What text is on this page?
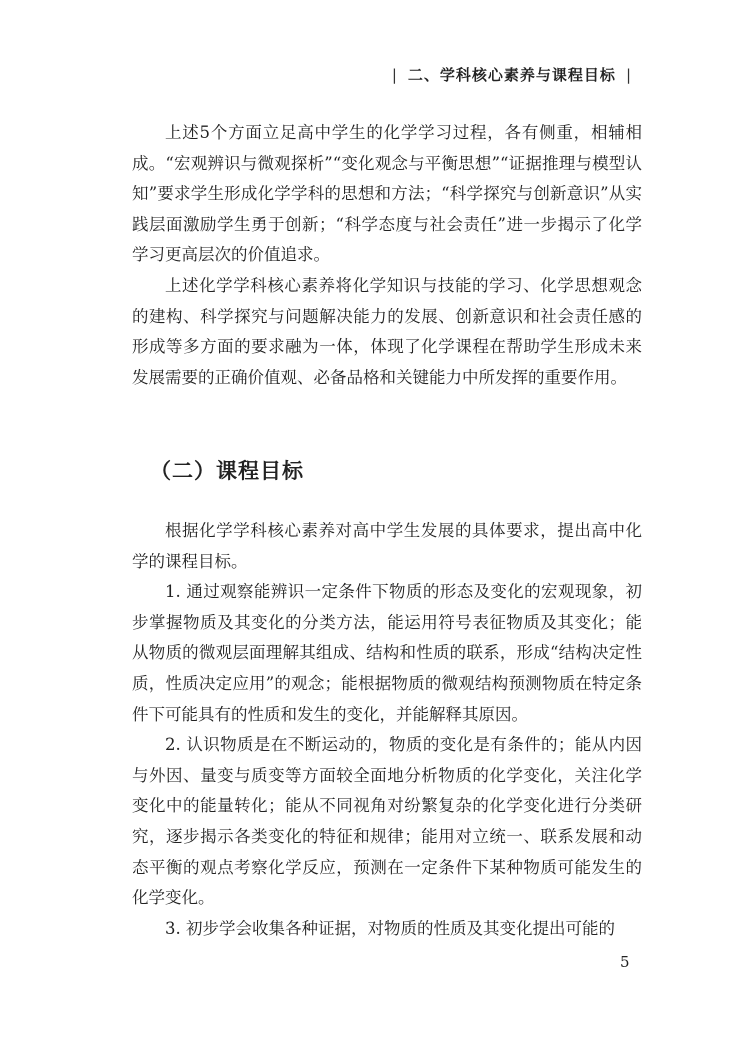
| 二、学科核心素养与课程目标 |

上述5个方面立足高中学生的化学学习过程，各有侧重，相辅相成。“宏观辨识与微观探析”“变化观念与平衡思想”“证据推理与模型认知”要求学生形成化学学科的思想和方法；“科学探究与创新意识”从实践层面激励学生勇于创新；“科学态度与社会责任”进一步揭示了化学学习更高层次的价值追求。

上述化学学科核心素养将化学知识与技能的学习、化学思想观念的建构、科学探究与问题解决能力的发展、创新意识和社会责任感的形成等多方面的要求融为一体，体现了化学课程在帮助学生形成未来发展需要的正确价值观、必备品格和关键能力中所发挥的重要作用。

（二）课程目标

根据化学学科核心素养对高中学生发展的具体要求，提出高中化学的课程目标。

1. 通过观察能辨识一定条件下物质的形态及变化的宏观现象，初步掌握物质及其变化的分类方法，能运用符号表征物质及其变化；能从物质的微观层面理解其组成、结构和性质的联系，形成“结构决定性质，性质决定应用”的观念；能根据物质的微观结构预测物质在特定条件下可能具有的性质和发生的变化，并能解释其原因。

2. 认识物质是在不断运动的，物质的变化是有条件的；能从内因与外因、量变与质变等方面较全面地分析物质的化学变化，关注化学变化中的能量转化；能从不同视角对纷繁复杂的化学变化进行分类研究，逐步揭示各类变化的特征和规律；能用对立统一、联系发展和动态平衡的观点考察化学反应，预测在一定条件下某种物质可能发生的化学变化。

3. 初步学会收集各种证据，对物质的性质及其变化提出可能的

5
